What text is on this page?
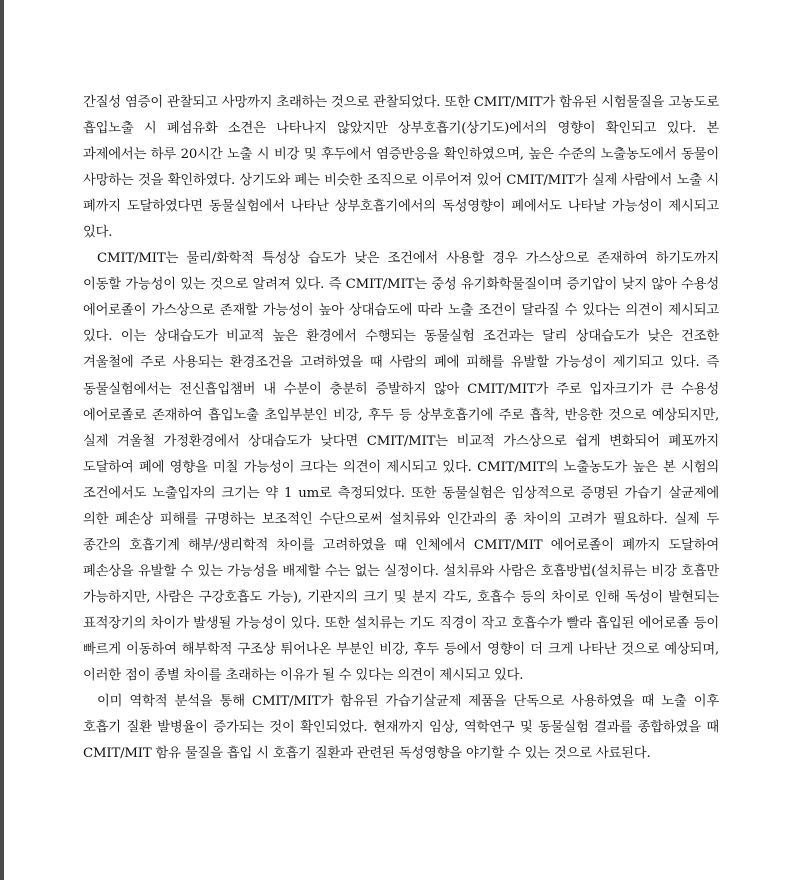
간질성 염증이 관찰되고 사망까지 초래하는 것으로 관찰되었다. 또한 CMIT/MIT가 함유된 시험물질을 고농도로 흡입노출 시 폐섬유화 소견은 나타나지 않았지만 상부호흡기(상기도)에서의 영향이 확인되고 있다. 본 과제에서는 하루 20시간 노출 시 비강 및 후두에서 염증반응을 확인하였으며, 높은 수준의 노출농도에서 동물이 사망하는 것을 확인하였다. 상기도와 폐는 비슷한 조직으로 이루어져 있어 CMIT/MIT가 실제 사람에서 노출 시 폐까지 도달하였다면 동물실험에서 나타난 상부호흡기에서의 독성영향이 폐에서도 나타날 가능성이 제시되고 있다.

CMIT/MIT는 물리/화학적 특성상 습도가 낮은 조건에서 사용할 경우 가스상으로 존재하여 하기도까지 이동할 가능성이 있는 것으로 알려져 있다. 즉 CMIT/MIT는 중성 유기화학물질이며 증기압이 낮지 않아 수용성 에어로졸이 가스상으로 존재할 가능성이 높아 상대습도에 따라 노출 조건이 달라질 수 있다는 의견이 제시되고 있다. 이는 상대습도가 비교적 높은 환경에서 수행되는 동물실험 조건과는 달리 상대습도가 낮은 건조한 겨울철에 주로 사용되는 환경조건을 고려하였을 때 사람의 폐에 피해를 유발할 가능성이 제기되고 있다. 즉 동물실험에서는 전신흡입챔버 내 수분이 충분히 증발하지 않아 CMIT/MIT가 주로 입자크기가 큰 수용성 에어로졸로 존재하여 흡입노출 초입부분인 비강, 후두 등 상부호흡기에 주로 흡착, 반응한 것으로 예상되지만, 실제 겨울철 가정환경에서 상대습도가 낮다면 CMIT/MIT는 비교적 가스상으로 쉽게 변화되어 폐포까지 도달하여 폐에 영향을 미칠 가능성이 크다는 의견이 제시되고 있다. CMIT/MIT의 노출농도가 높은 본 시험의 조건에서도 노출입자의 크기는 약 1 um로 측정되었다. 또한 동물실험은 임상적으로 증명된 가습기 살균제에 의한 폐손상 피해를 규명하는 보조적인 수단으로써 설치류와 인간과의 종 차이의 고려가 필요하다. 실제 두 종간의 호흡기계 해부/생리학적 차이를 고려하였을 때 인체에서 CMIT/MIT 에어로졸이 폐까지 도달하여 폐손상을 유발할 수 있는 가능성을 배제할 수는 없는 실정이다. 설치류와 사람은 호흡방법(설치류는 비강 호흡만 가능하지만, 사람은 구강호흡도 가능), 기관지의 크기 및 분지 각도, 호흡수 등의 차이로 인해 독성이 발현되는 표적장기의 차이가 발생될 가능성이 있다. 또한 설치류는 기도 직경이 작고 호흡수가 빨라 흡입된 에어로졸 등이 빠르게 이동하여 해부학적 구조상 튀어나온 부분인 비강, 후두 등에서 영향이 더 크게 나타난 것으로 예상되며, 이러한 점이 종별 차이를 초래하는 이유가 될 수 있다는 의견이 제시되고 있다.

이미 역학적 분석을 통해 CMIT/MIT가 함유된 가습기살균제 제품을 단독으로 사용하였을 때 노출 이후 호흡기 질환 발병율이 증가되는 것이 확인되었다. 현재까지 임상, 역학연구 및 동물실험 결과를 종합하였을 때 CMIT/MIT 함유 물질을 흡입 시 호흡기 질환과 관련된 독성영향을 야기할 수 있는 것으로 사료된다.
